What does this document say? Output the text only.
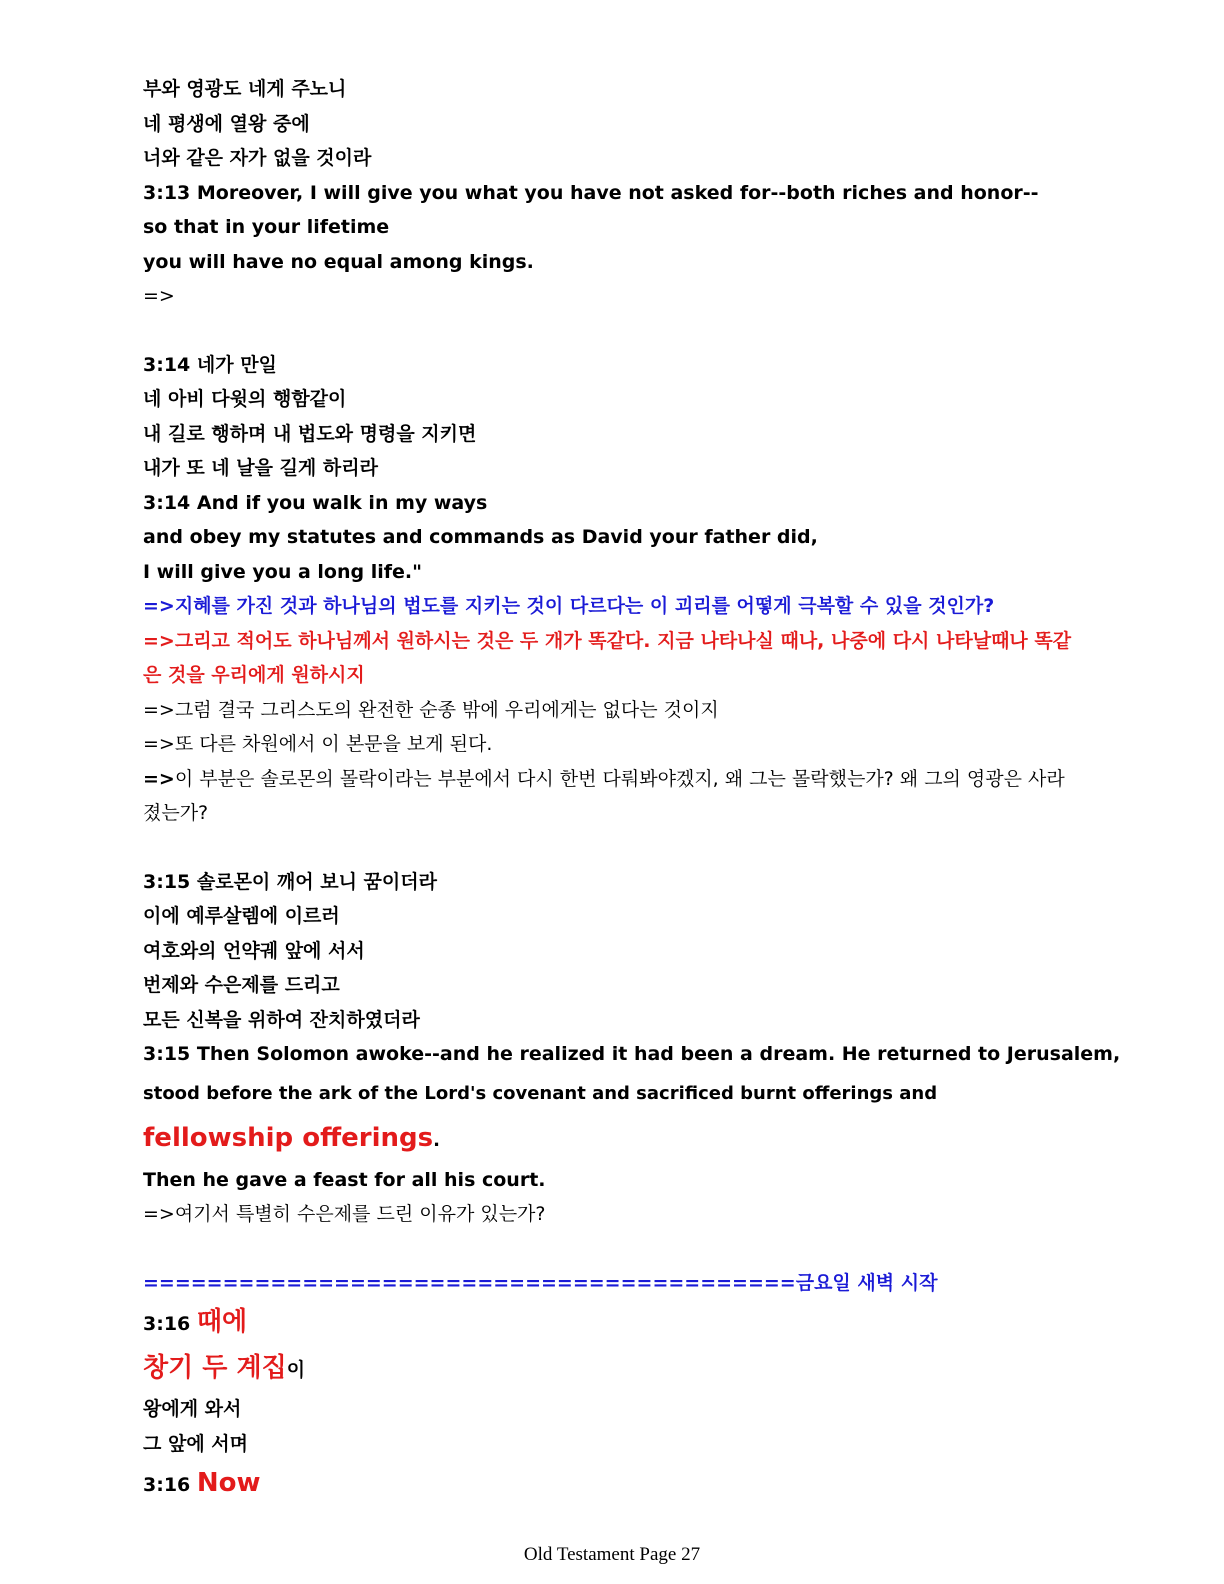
부와 영광도 네게 주노니
네 평생에 열왕 중에
너와 같은 자가 없을 것이라
3:13 Moreover, I will give you what you have not asked for--both riches and honor--
so that in your lifetime
you will have no equal among kings.
=>
3:14 네가 만일
네 아비 다윗의 행함같이
내 길로 행하며 내 법도와 명령을 지키면
내가 또 네 날을 길게 하리라
3:14 And if you walk in my ways
and obey my statutes and commands as David your father did,
I will give you a long life."
=>지혜를 가진 것과 하나님의 법도를 지키는 것이 다르다는 이 괴리를 어떻게 극복할 수 있을 것인가?
=>그리고 적어도 하나님께서 원하시는 것은 두 개가 똑같다. 지금 나타나실 때나, 나중에 다시 나타날때나 똑같은 것을 우리에게 원하시지
=>그럼 결국 그리스도의 완전한 순종 밖에 우리에게는 없다는 것이지
=>또 다른 차원에서 이 본문을 보게 된다.
=>이 부분은 솔로몬의 몰락이라는 부분에서 다시 한번 다뤄봐야겠지, 왜 그는 몰락했는가? 왜 그의 영광은 사라졌는가?
3:15 솔로몬이 깨어 보니 꿈이더라
이에 예루살렘에 이르러
여호와의 언약궤 앞에 서서
번제와 수은제를 드리고
모든 신복을 위하여 잔치하였더라
3:15 Then Solomon awoke--and he realized it had been a dream. He returned to Jerusalem,
stood before the ark of the Lord's covenant and sacrificed burnt offerings and fellowship offerings.
Then he gave a feast for all his court.
=>여기서 특별히 수은제를 드린 이유가 있는가?
=========================================금요일 새벽 시작
3:16 때에
창기 두 계집이
왕에게 와서
그 앞에 서며
3:16 Now
Old Testament Page 27
